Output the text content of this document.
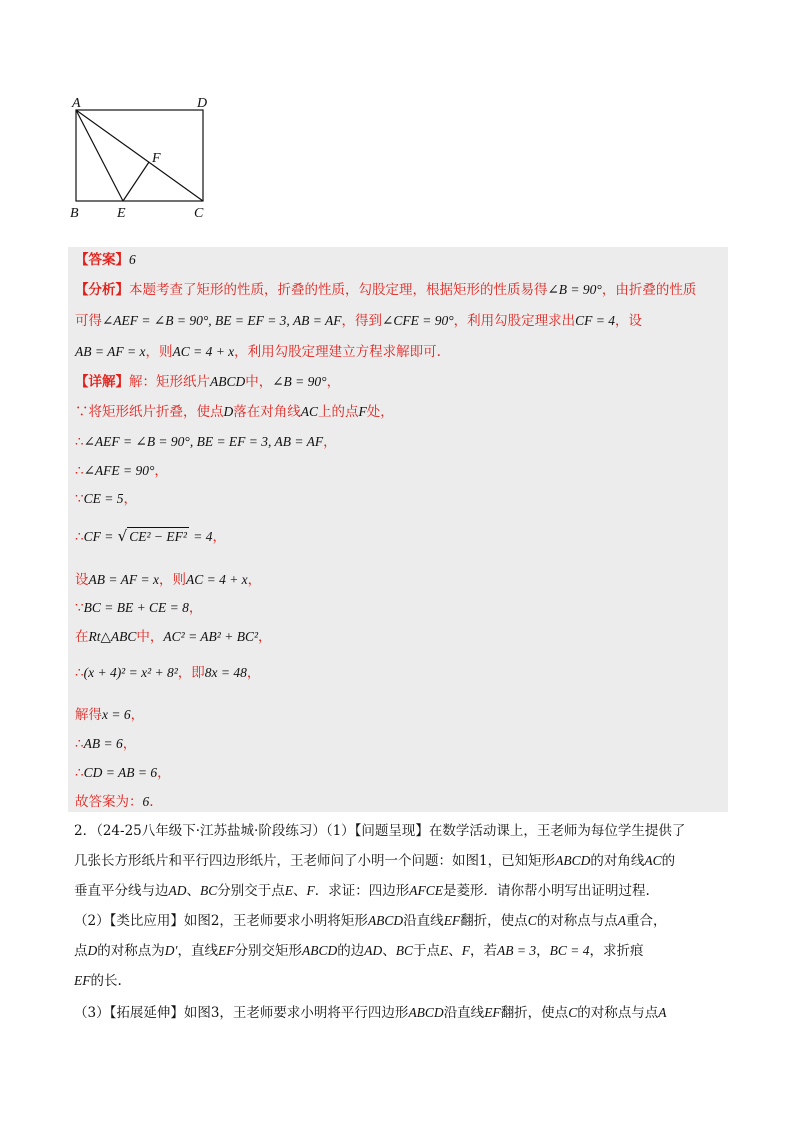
A	D
F
B	E	C
【答案】6
【分析】本题考查了矩形的性质，折叠的性质，勾股定理，根据矩形的性质易得∠B = 90°，由折叠的性质
可得∠AEF = ∠B = 90°, BE = EF = 3, AB = AF，得到∠CFE = 90°，利用勾股定理求出CF = 4，设
AB = AF = x，则AC = 4 + x，利用勾股定理建立方程求解即可.
【详解】解：矩形纸片ABCD中，∠B = 90°，
∵将矩形纸片折叠，使点D落在对角线AC上的点F处，
∴∠AEF = ∠B = 90°, BE = EF = 3, AB = AF，
∴∠AFE = 90°，
∵CE = 5，
∴CF = √ CE² − EF² = 4，
设AB = AF = x，则AC = 4 + x，
∵BC = BE + CE = 8，
在Rt△ABC中，AC² = AB² + BC²，
∴(x + 4)² = x² + 8²，即8x = 48，
解得x = 6，
∴AB = 6，
∴CD = AB = 6，
故答案为：6.
2．（24-25八年级下·江苏盐城·阶段练习）（1）【问题呈现】在数学活动课上，王老师为每位学生提供了
几张长方形纸片和平行四边形纸片，王老师问了小明一个问题：如图1，已知矩形ABCD的对角线AC的
垂直平分线与边AD、BC分别交于点E、F．求证：四边形AFCE是菱形．请你帮小明写出证明过程.
（2）【类比应用】如图2，王老师要求小明将矩形ABCD沿直线EF翻折，使点C的对称点与点A重合，
点D的对称点为D′，直线EF分别交矩形ABCD的边AD、BC于点E、F，若AB = 3，BC = 4，求折痕
EF的长.
（3）【拓展延伸】如图3，王老师要求小明将平行四边形ABCD沿直线EF翻折，使点C的对称点与点A
